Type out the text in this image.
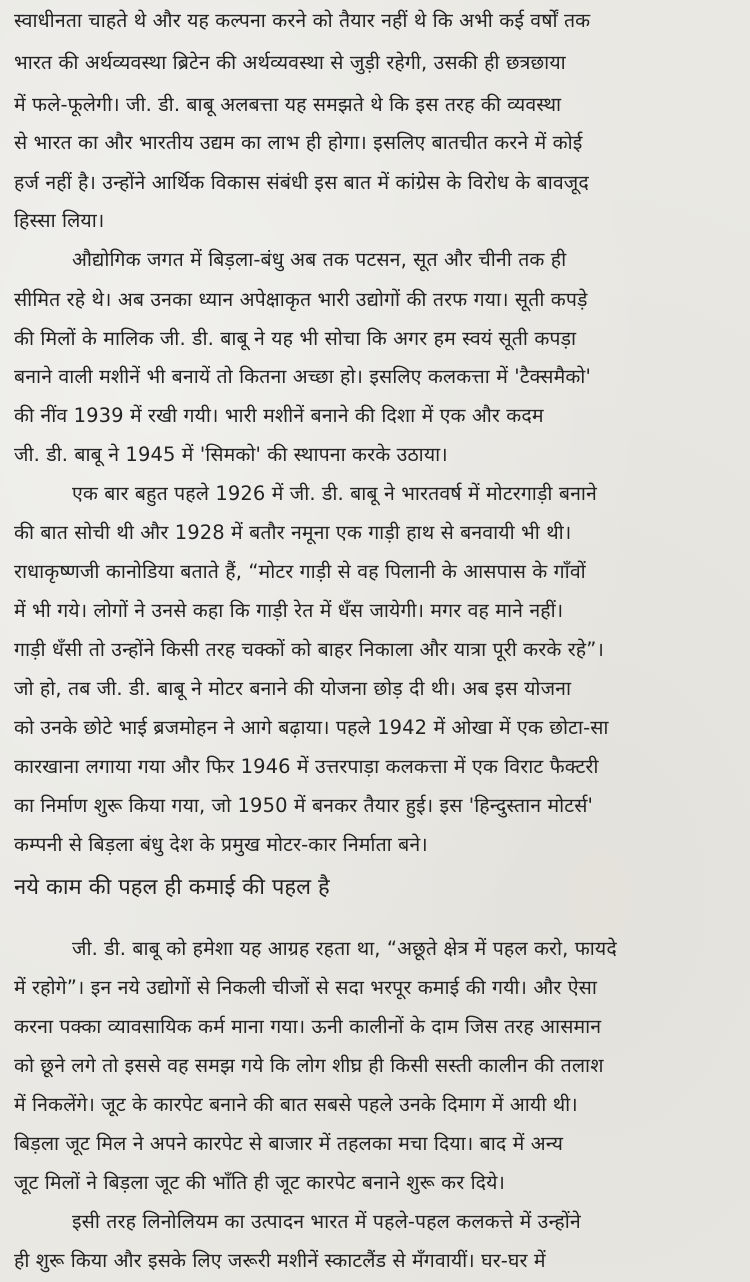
स्वाधीनता चाहते थे और यह कल्पना करने को तैयार नहीं थे कि अभी कई वर्षों तक
भारत की अर्थव्यवस्था ब्रिटेन की अर्थव्यवस्था से जुड़ी रहेगी, उसकी ही छत्रछाया
में फले-फूलेगी। जी. डी. बाबू अलबत्ता यह समझते थे कि इस तरह की व्यवस्था
से भारत का और भारतीय उद्यम का लाभ ही होगा। इसलिए बातचीत करने में कोई
हर्ज नहीं है। उन्होंने आर्थिक विकास संबंधी इस बात में कांग्रेस के विरोध के बावजूद
हिस्सा लिया।
औद्योगिक जगत में बिड़ला-बंधु अब तक पटसन, सूत और चीनी तक ही
सीमित रहे थे। अब उनका ध्यान अपेक्षाकृत भारी उद्योगों की तरफ गया। सूती कपड़े
की मिलों के मालिक जी. डी. बाबू ने यह भी सोचा कि अगर हम स्वयं सूती कपड़ा
बनाने वाली मशीनें भी बनायें तो कितना अच्छा हो। इसलिए कलकत्ता में 'टैक्समैको'
की नींव 1939 में रखी गयी। भारी मशीनें बनाने की दिशा में एक और कदम
जी. डी. बाबू ने 1945 में 'सिमको' की स्थापना करके उठाया।
एक बार बहुत पहले 1926 में जी. डी. बाबू ने भारतवर्ष में मोटरगाड़ी बनाने
की बात सोची थी और 1928 में बतौर नमूना एक गाड़ी हाथ से बनवायी भी थी।
राधाकृष्णजी कानोडिया बताते हैं, “मोटर गाड़ी से वह पिलानी के आसपास के गाँवों
में भी गये। लोगों ने उनसे कहा कि गाड़ी रेत में धँस जायेगी। मगर वह माने नहीं।
गाड़ी धँसी तो उन्होंने किसी तरह चक्कों को बाहर निकाला और यात्रा पूरी करके रहे”।
जो हो, तब जी. डी. बाबू ने मोटर बनाने की योजना छोड़ दी थी। अब इस योजना
को उनके छोटे भाई ब्रजमोहन ने आगे बढ़ाया। पहले 1942 में ओखा में एक छोटा-सा
कारखाना लगाया गया और फिर 1946 में उत्तरपाड़ा कलकत्ता में एक विराट फैक्टरी
का निर्माण शुरू किया गया, जो 1950 में बनकर तैयार हुई। इस 'हिन्दुस्तान मोटर्स'
कम्पनी से बिड़ला बंधु देश के प्रमुख मोटर-कार निर्माता बने।
नये काम की पहल ही कमाई की पहल है
जी. डी. बाबू को हमेशा यह आग्रह रहता था, “अछूते क्षेत्र में पहल करो, फायदे
में रहोगे”। इन नये उद्योगों से निकली चीजों से सदा भरपूर कमाई की गयी। और ऐसा
करना पक्का व्यावसायिक कर्म माना गया। ऊनी कालीनों के दाम जिस तरह आसमान
को छूने लगे तो इससे वह समझ गये कि लोग शीघ्र ही किसी सस्ती कालीन की तलाश
में निकलेंगे। जूट के कारपेट बनाने की बात सबसे पहले उनके दिमाग में आयी थी।
बिड़ला जूट मिल ने अपने कारपेट से बाजार में तहलका मचा दिया। बाद में अन्य
जूट मिलों ने बिड़ला जूट की भाँति ही जूट कारपेट बनाने शुरू कर दिये।
इसी तरह लिनोलियम का उत्पादन भारत में पहले-पहल कलकत्ते में उन्होंने
ही शुरू किया और इसके लिए जरूरी मशीनें स्काटलैंड से मँगवायीं। घर-घर में
